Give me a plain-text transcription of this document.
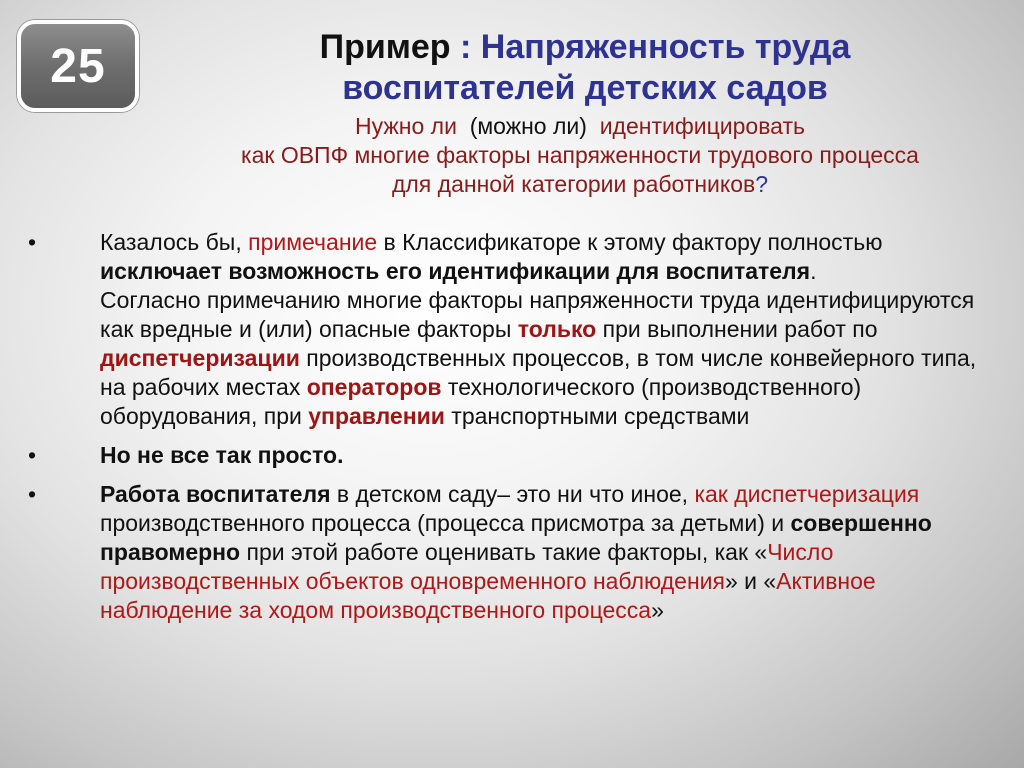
25	Пример : Напряженность труда
воспитателей детских садов
Нужно ли  (можно ли)  идентифицировать
как ОВПФ многие факторы напряженности трудового процесса
для данной категории работников?
•	Казалось бы, примечание в Классификаторе к этому фактору полностью исключает возможность его идентификации для воспитателя.
Согласно примечанию многие факторы напряженности труда идентифицируются как вредные и (или) опасные факторы только при выполнении работ по диспетчеризации производственных процессов, в том числе конвейерного типа, на рабочих местах операторов технологического (производственного) оборудования, при управлении транспортными средствами
•	Но не все так просто.
•	Работа воспитателя в детском саду– это ни что иное, как диспетчеризация производственного процесса (процесса присмотра за детьми) и совершенно правомерно при этой работе оценивать такие факторы, как «Число производственных объектов одновременного наблюдения» и «Активное наблюдение за ходом производственного процесса»
